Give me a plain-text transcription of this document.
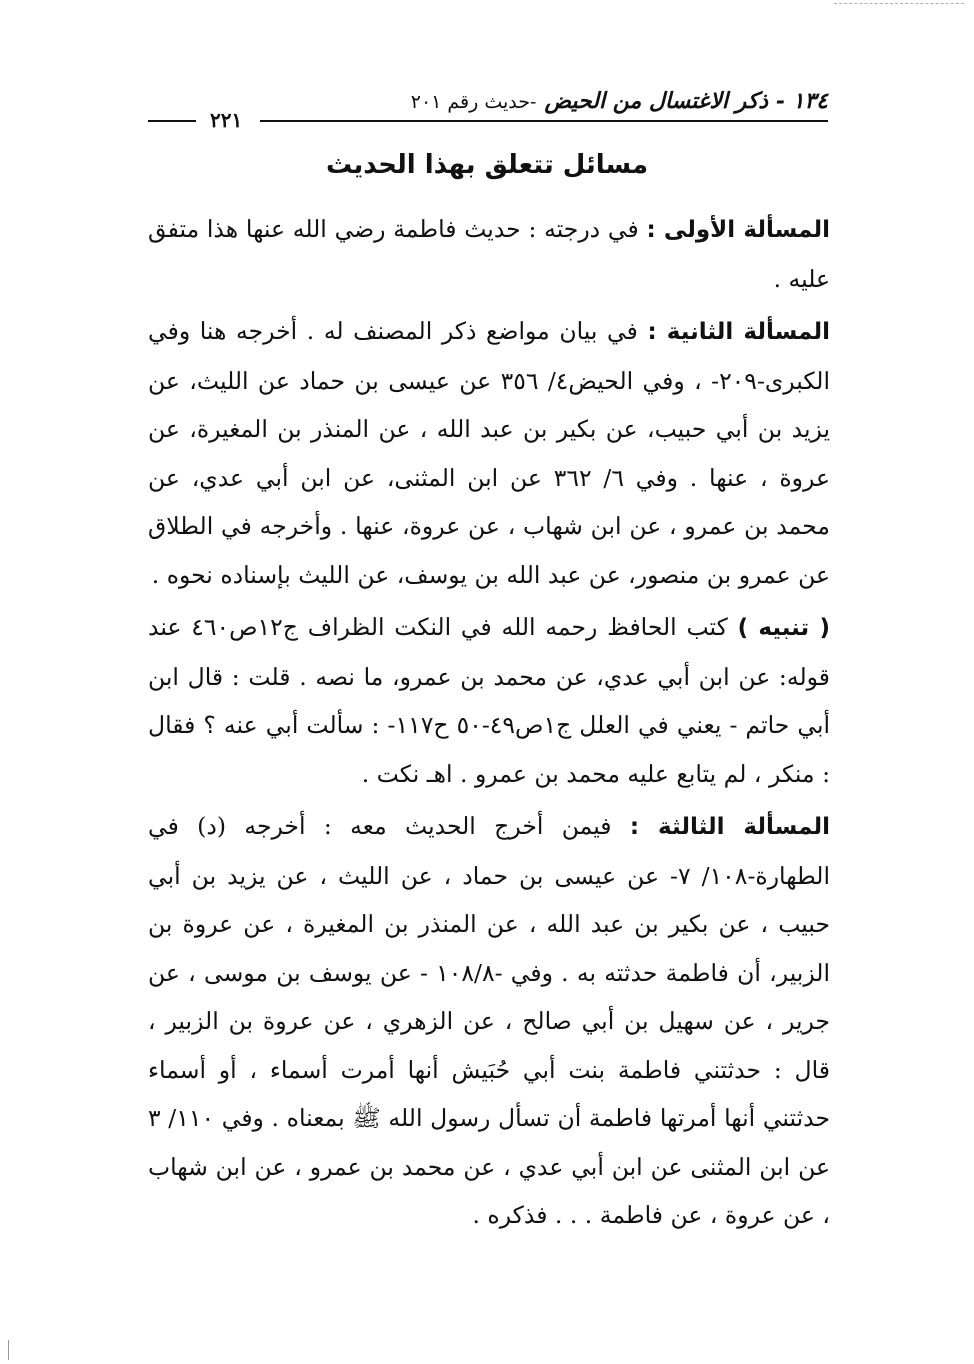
١٣٤ - ذكر الاغتسال من الحيض
-حديث رقم ٢٠١
٢٢١
مسائل تتعلق بهذا الحديث

المسألة الأولى : في درجته : حديث فاطمة رضي الله عنها هذا متفق عليه .

المسألة الثانية : في بيان مواضع ذكر المصنف له . أخرجه هنا وفي الكبرى-٢٠٩- ، وفي الحيض٤/ ٣٥٦ عن عيسى بن حماد عن الليث، عن يزيد بن أبي حبيب، عن بكير بن عبد الله ، عن المنذر بن المغيرة، عن عروة ، عنها . وفي ٦/ ٣٦٢ عن ابن المثنى، عن ابن أبي عدي، عن محمد بن عمرو ، عن ابن شهاب ، عن عروة، عنها . وأخرجه في الطلاق عن عمرو بن منصور، عن عبد الله بن يوسف، عن الليث بإسناده نحوه .

( تنبيه ) كتب الحافظ رحمه الله في النكت الظراف ج١٢ص٤٦٠ عند قوله: عن ابن أبي عدي، عن محمد بن عمرو، ما نصه . قلت : قال ابن أبي حاتم - يعني في العلل ج١ص٤٩-٥٠ ح١١٧- : سألت أبي عنه ؟ فقال : منكر ، لم يتابع عليه محمد بن عمرو . اهـ نكت .

المسألة الثالثة : فيمن أخرج الحديث معه : أخرجه (د) في الطهارة-١٠٨/ ٧- عن عيسى بن حماد ، عن الليث ، عن يزيد بن أبي حبيب ، عن بكير بن عبد الله ، عن المنذر بن المغيرة ، عن عروة بن الزبير، أن فاطمة حدثته به . وفي -١٠٨/٨ - عن يوسف بن موسى ، عن جرير ، عن سهيل بن أبي صالح ، عن الزهري ، عن عروة بن الزبير ، قال : حدثتني فاطمة بنت أبي حُبَيش أنها أمرت أسماء ، أو أسماء حدثتني أنها أمرتها فاطمة أن تسأل رسول الله ﷺ بمعناه . وفي ١١٠/ ٣ عن ابن المثنى عن ابن أبي عدي ، عن محمد بن عمرو ، عن ابن شهاب ، عن عروة ، عن فاطمة . . . فذكره .
